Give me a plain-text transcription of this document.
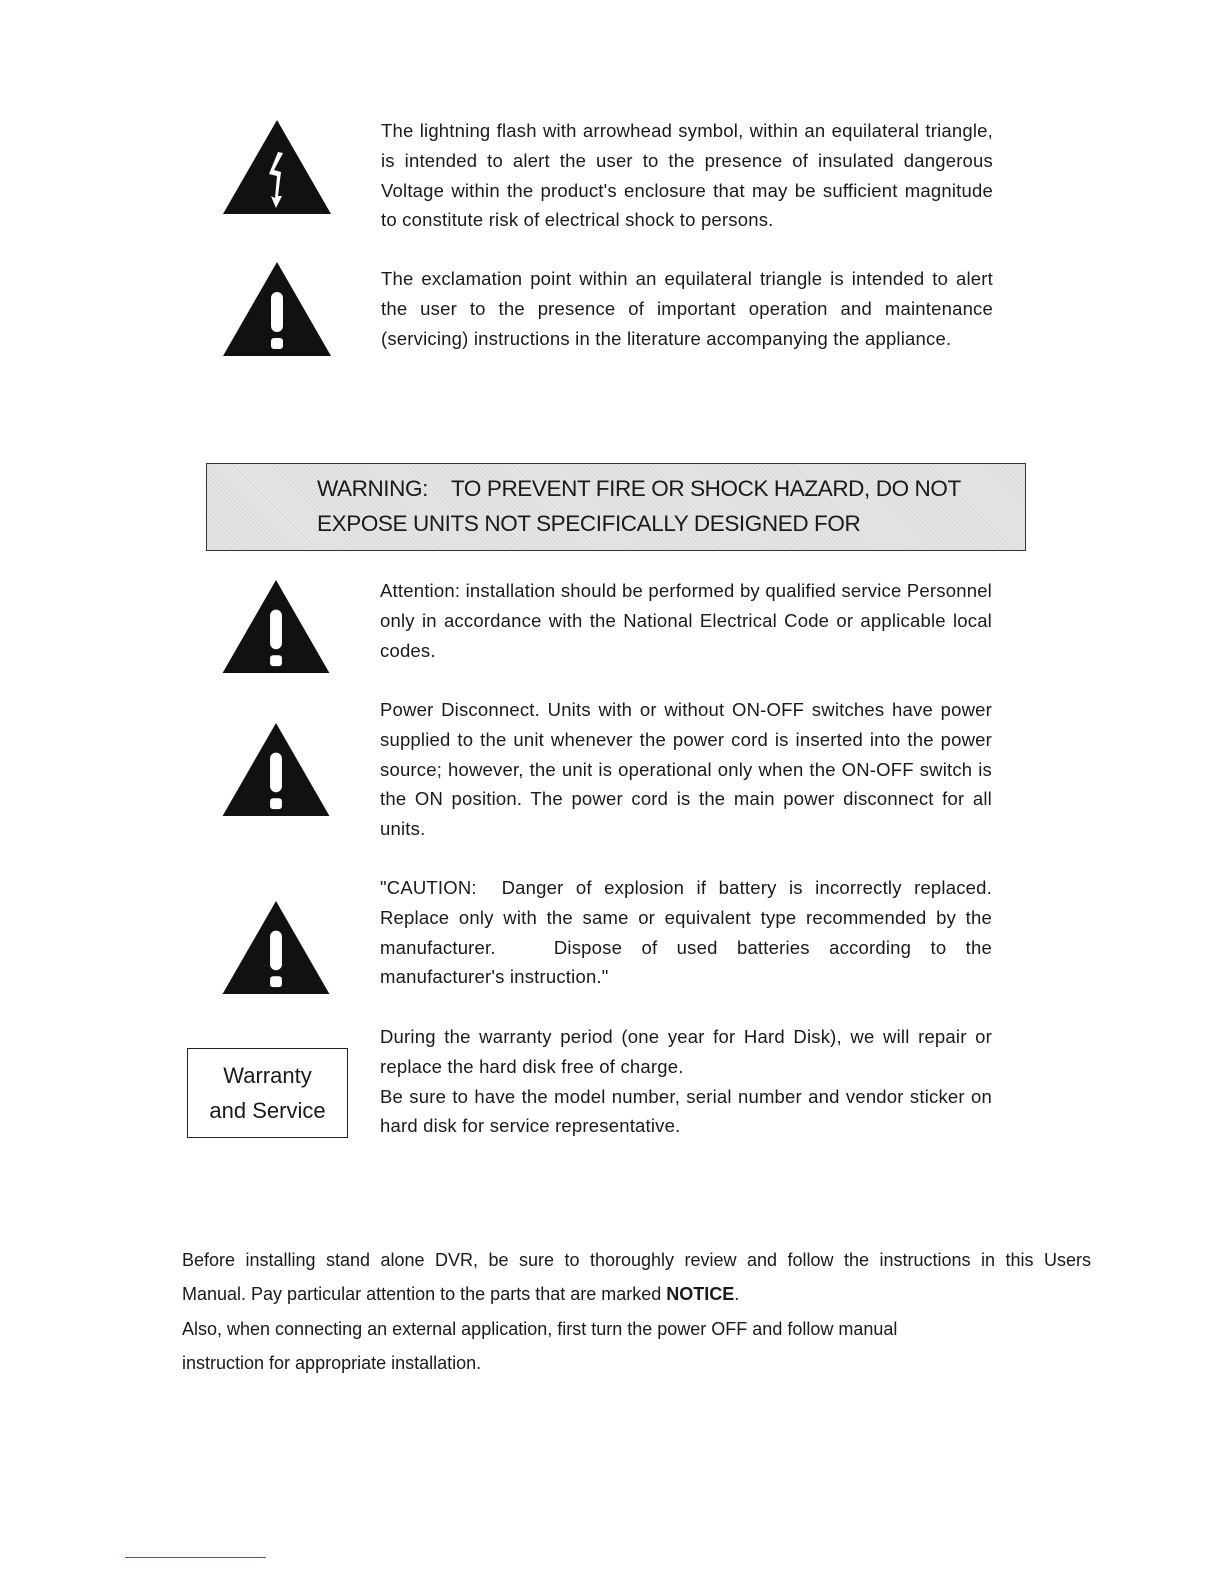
The lightning flash with arrowhead symbol, within an equilateral triangle, is intended to alert the user to the presence of insulated dangerous Voltage within the product's enclosure that may be sufficient magnitude to constitute risk of electrical shock to persons.
The exclamation point within an equilateral triangle is intended to alert the user to the presence of important operation and maintenance (servicing) instructions in the literature accompanying the appliance.
WARNING:    TO PREVENT FIRE OR SHOCK HAZARD, DO NOT
EXPOSE UNITS NOT SPECIFICALLY DESIGNED FOR
Attention: installation should be performed by qualified service Personnel only in accordance with the National Electrical Code or applicable local codes.
Power Disconnect. Units with or without ON-OFF switches have power supplied to the unit whenever the power cord is inserted into the power source; however, the unit is operational only when the ON-OFF switch is the ON position. The power cord is the main power disconnect for all units.
"CAUTION:  Danger of explosion if battery is incorrectly replaced. Replace only with the same or equivalent type recommended by the manufacturer.   Dispose of used batteries according to the manufacturer's instruction."
Warranty
and Service
During the warranty period (one year for Hard Disk), we will repair or replace the hard disk free of charge.
Be sure to have the model number, serial number and vendor sticker on hard disk for service representative.
Before installing stand alone DVR, be sure to thoroughly review and follow the instructions in this Users
Manual. Pay particular attention to the parts that are marked NOTICE.
Also, when connecting an external application, first turn the power OFF and follow manual
instruction for appropriate installation.
